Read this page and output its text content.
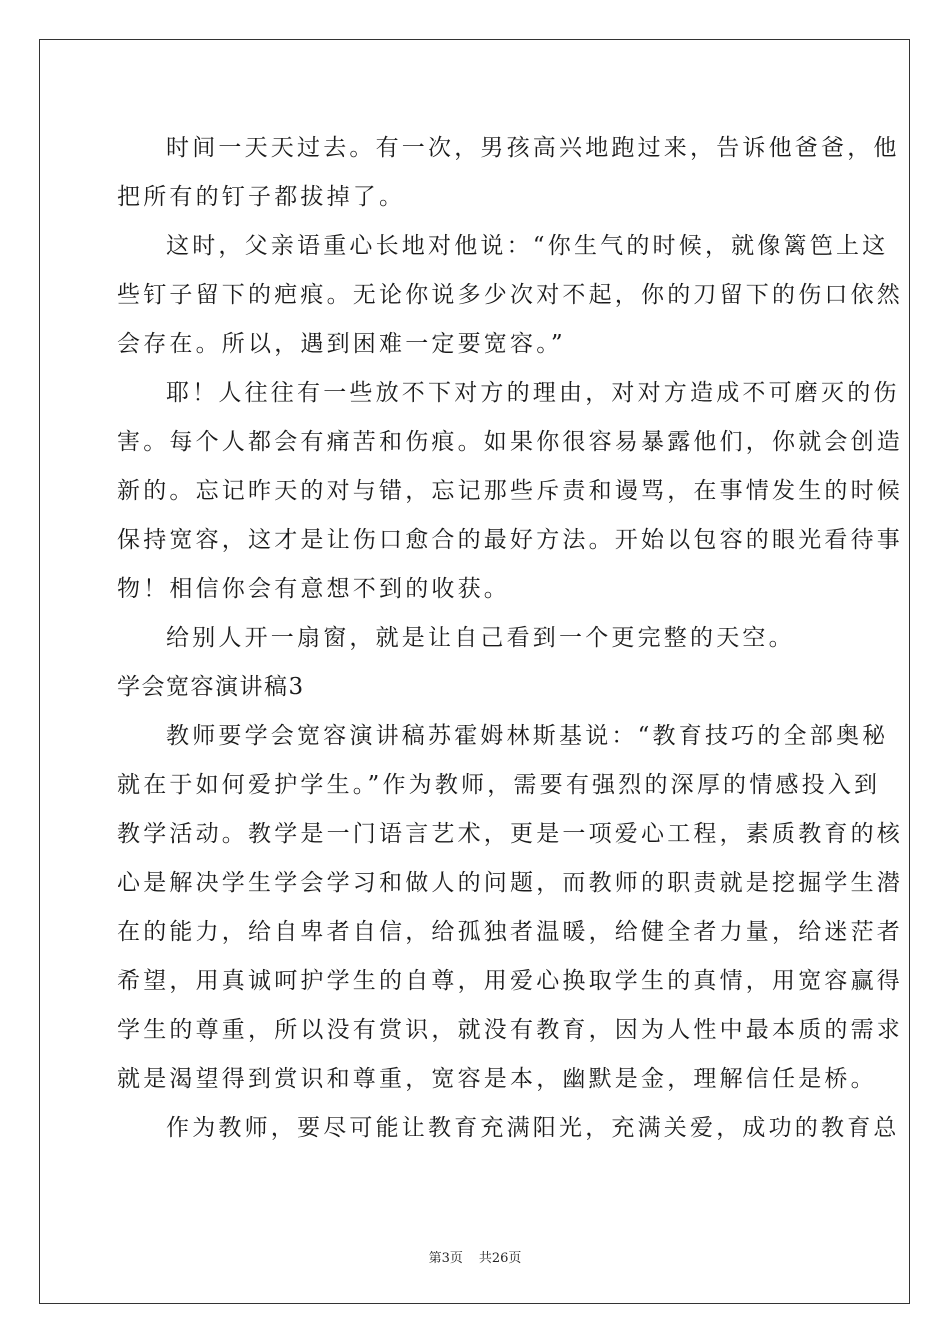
时间一天天过去。有一次，男孩高兴地跑过来，告诉他爸爸，他
把所有的钉子都拔掉了。
这时，父亲语重心长地对他说：“你生气的时候，就像篱笆上这
些钉子留下的疤痕。无论你说多少次对不起，你的刀留下的伤口依然
会存在。所以，遇到困难一定要宽容。”
耶！人往往有一些放不下对方的理由，对对方造成不可磨灭的伤
害。每个人都会有痛苦和伤痕。如果你很容易暴露他们，你就会创造
新的。忘记昨天的对与错，忘记那些斥责和谩骂，在事情发生的时候
保持宽容，这才是让伤口愈合的最好方法。开始以包容的眼光看待事
物！相信你会有意想不到的收获。
给别人开一扇窗，就是让自己看到一个更完整的天空。
学会宽容演讲稿3
教师要学会宽容演讲稿苏霍姆林斯基说：“教育技巧的全部奥秘
就在于如何爱护学生。”作为教师，需要有强烈的深厚的情感投入到
教学活动。教学是一门语言艺术，更是一项爱心工程，素质教育的核
心是解决学生学会学习和做人的问题，而教师的职责就是挖掘学生潜
在的能力，给自卑者自信，给孤独者温暖，给健全者力量，给迷茫者
希望，用真诚呵护学生的自尊，用爱心换取学生的真情，用宽容赢得
学生的尊重，所以没有赏识，就没有教育，因为人性中最本质的需求
就是渴望得到赏识和尊重，宽容是本，幽默是金，理解信任是桥。
作为教师，要尽可能让教育充满阳光，充满关爱，成功的教育总
第3页 共26页
